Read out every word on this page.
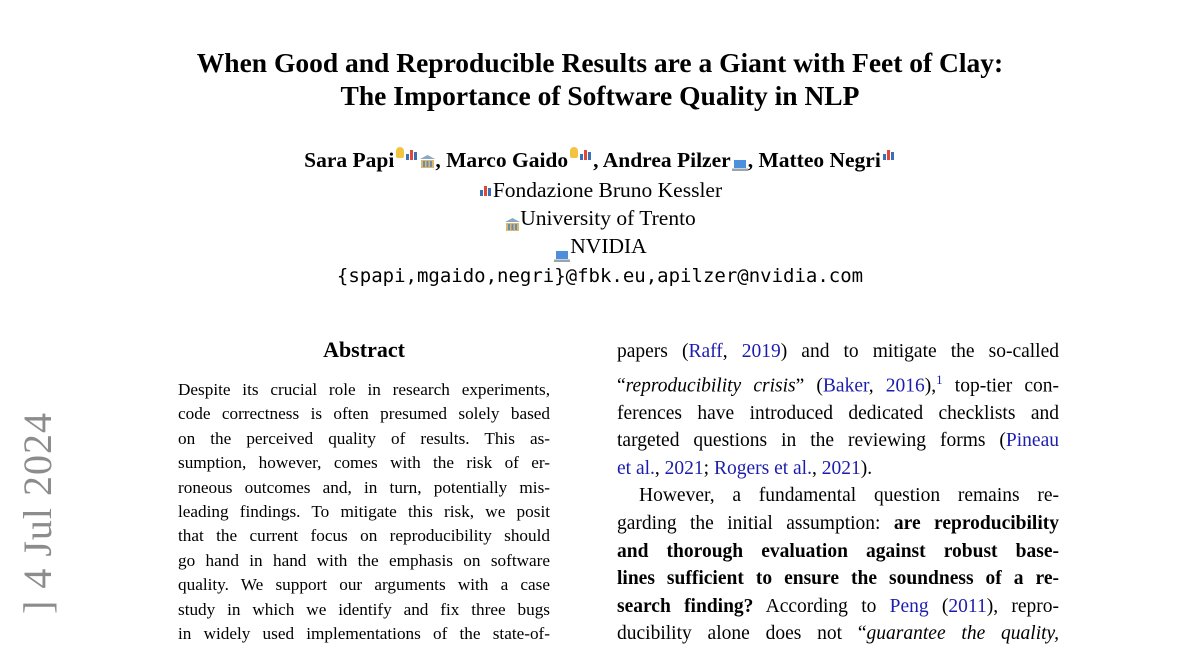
] 4 Jul 2024
When Good and Reproducible Results are a Giant with Feet of Clay:
The Importance of Software Quality in NLP
Sara Papi , Marco Gaido , Andrea Pilzer , Matteo Negri
Fondazione Bruno Kessler
University of Trento
NVIDIA
{spapi,mgaido,negri}@fbk.eu,apilzer@nvidia.com
Abstract
Despite its crucial role in research experiments,
code correctness is often presumed solely based
on the perceived quality of results. This as-
sumption, however, comes with the risk of er-
roneous outcomes and, in turn, potentially mis-
leading findings. To mitigate this risk, we posit
that the current focus on reproducibility should
go hand in hand with the emphasis on software
quality. We support our arguments with a case
study in which we identify and fix three bugs
in widely used implementations of the state-of-
papers (Raff, 2019) and to mitigate the so-called
“reproducibility crisis” (Baker, 2016),$^1$ top-tier con-
ferences have introduced dedicated checklists and
targeted questions in the reviewing forms (Pineau
et al., 2021; Rogers et al., 2021).
However, a fundamental question remains re-
garding the initial assumption: are reproducibility
and thorough evaluation against robust base-
lines sufficient to ensure the soundness of a re-
search finding? According to Peng (2011), repro-
ducibility alone does not “guarantee the quality,
